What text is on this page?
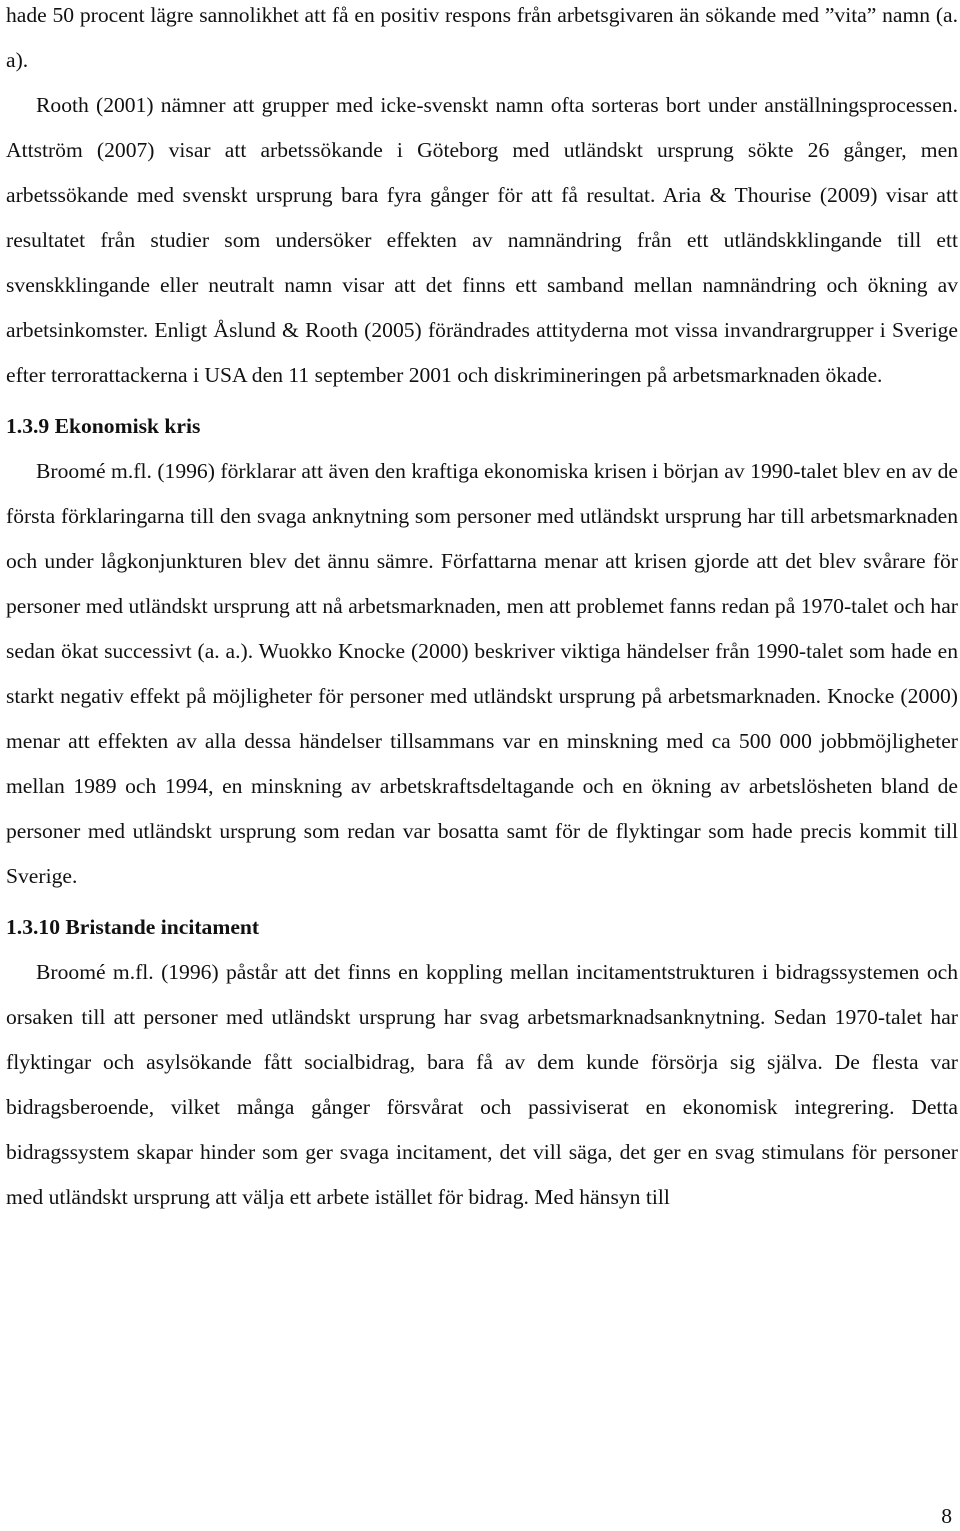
hade 50 procent lägre sannolikhet att få en positiv respons från arbetsgivaren än sökande med ”vita” namn (a. a).

Rooth (2001) nämner att grupper med icke-svenskt namn ofta sorteras bort under anställningsprocessen. Attström (2007) visar att arbetssökande i Göteborg med utländskt ursprung sökte 26 gånger, men arbetssökande med svenskt ursprung bara fyra gånger för att få resultat. Aria & Thourise (2009) visar att resultatet från studier som undersöker effekten av namnändring från ett utländskklingande till ett svenskklingande eller neutralt namn visar att det finns ett samband mellan namnändring och ökning av arbetsinkomster. Enligt Åslund & Rooth (2005) förändrades attityderna mot vissa invandrargrupper i Sverige efter terrorattackerna i USA den 11 september 2001 och diskrimineringen på arbetsmarknaden ökade.

1.3.9 Ekonomisk kris

Broomé m.fl. (1996) förklarar att även den kraftiga ekonomiska krisen i början av 1990-talet blev en av de första förklaringarna till den svaga anknytning som personer med utländskt ursprung har till arbetsmarknaden och under lågkonjunkturen blev det ännu sämre. Författarna menar att krisen gjorde att det blev svårare för personer med utländskt ursprung att nå arbetsmarknaden, men att problemet fanns redan på 1970-talet och har sedan ökat successivt (a. a.). Wuokko Knocke (2000) beskriver viktiga händelser från 1990-talet som hade en starkt negativ effekt på möjligheter för personer med utländskt ursprung på arbetsmarknaden. Knocke (2000) menar att effekten av alla dessa händelser tillsammans var en minskning med ca 500 000 jobbmöjligheter mellan 1989 och 1994, en minskning av arbetskraftsdeltagande och en ökning av arbetslösheten bland de personer med utländskt ursprung som redan var bosatta samt för de flyktingar som hade precis kommit till Sverige.

1.3.10 Bristande incitament

Broomé m.fl. (1996) påstår att det finns en koppling mellan incitamentstrukturen i bidragssystemen och orsaken till att personer med utländskt ursprung har svag arbetsmarknadsanknytning. Sedan 1970-talet har flyktingar och asylsökande fått socialbidrag, bara få av dem kunde försörja sig själva. De flesta var bidragsberoende, vilket många gånger försvårat och passiviserat en ekonomisk integrering. Detta bidragssystem skapar hinder som ger svaga incitament, det vill säga, det ger en svag stimulans för personer med utländskt ursprung att välja ett arbete istället för bidrag. Med hänsyn till

8
